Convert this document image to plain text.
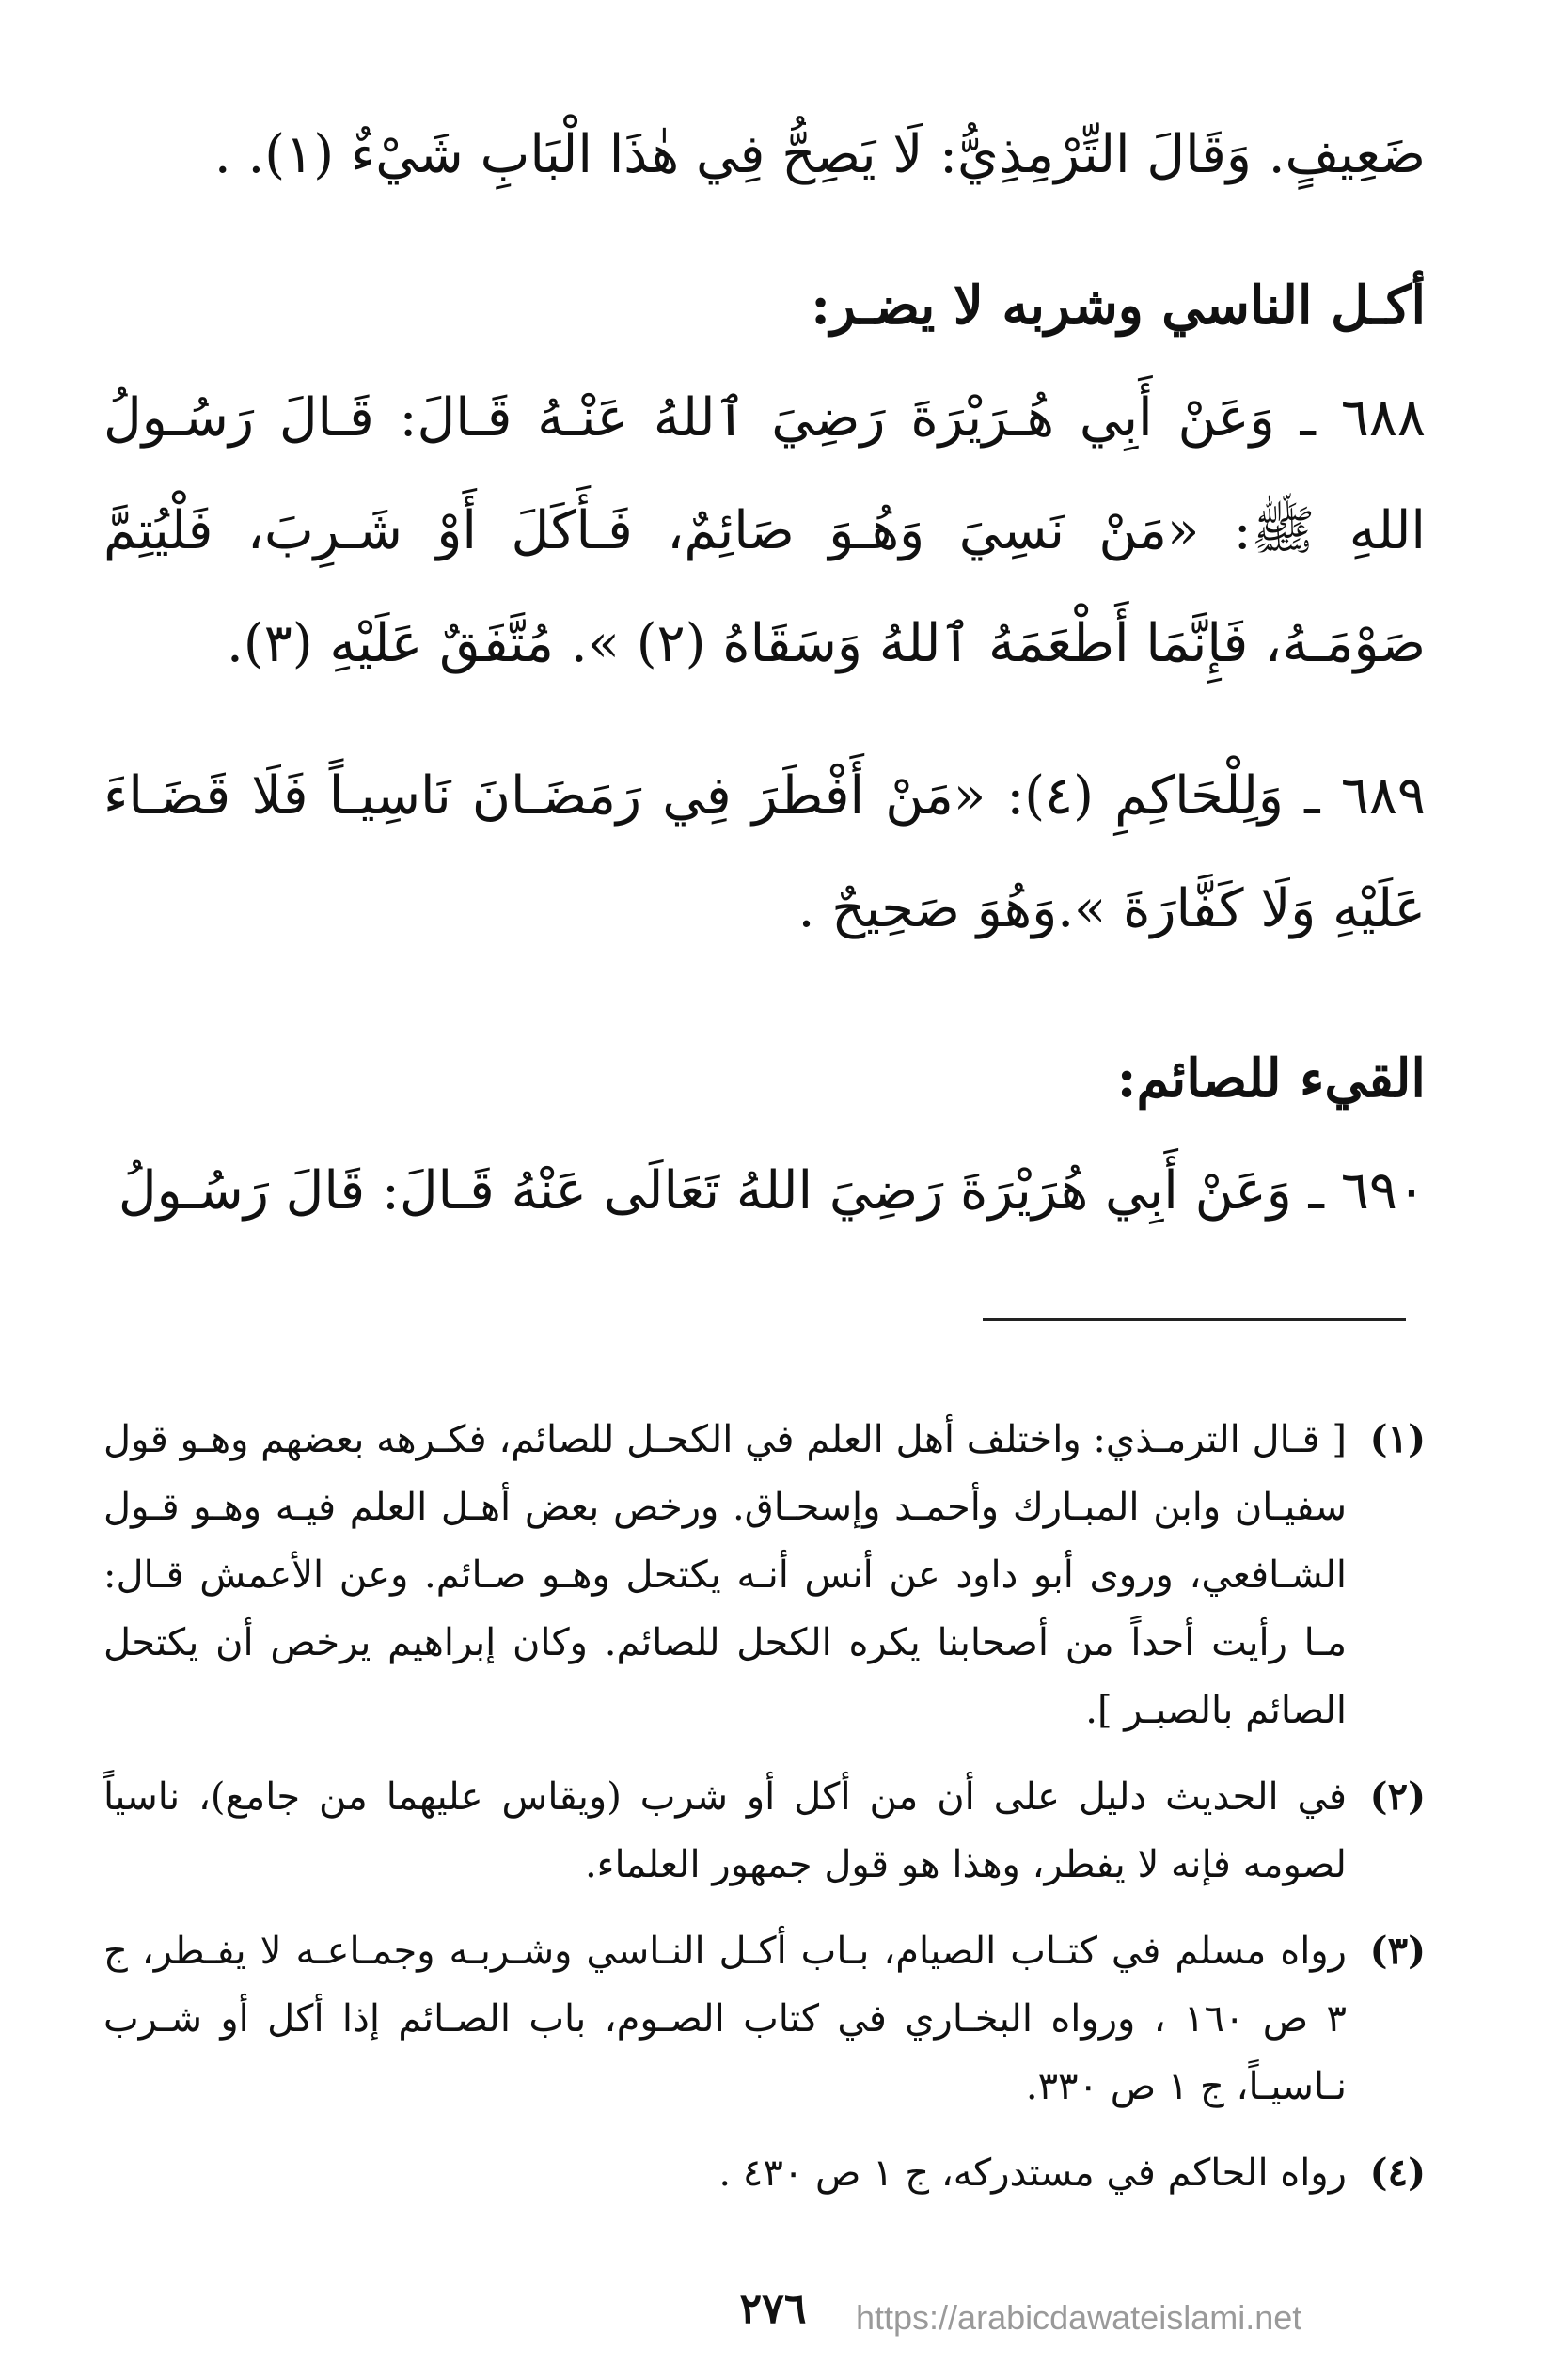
ضَعِيفٍ. وَقَالَ التِّرْمِذِيُّ: لَا يَصِحُّ فِي هٰذَا الْبَابِ شَيْءٌ (١). .

أكـل الناسي وشربه لا يضـر:

٦٨٨ ـ وَعَنْ أَبِي هُـرَيْرَةَ رَضِيَ ٱللهُ عَنْـهُ قَـالَ: قَـالَ رَسُـولُ اللهِ ﷺ: «مَنْ نَسِيَ وَهُـوَ صَائِمٌ، فَـأَكَلَ أَوْ شَـرِبَ، فَلْيُتِمَّ صَوْمَـهُ، فَإِنَّمَا أَطْعَمَهُ ٱللهُ وَسَقَاهُ (٢) ». مُتَّفَقٌ عَلَيْهِ (٣).

٦٨٩ ـ وَلِلْحَاكِمِ (٤): «مَنْ أَفْطَرَ فِي رَمَضَـانَ نَاسِيـاً فَلَا قَضَـاءَ عَلَيْهِ وَلَا كَفَّارَةَ ».وَهُوَ صَحِيحٌ .

القيء للصائم:

٦٩٠ ـ وَعَنْ أَبِي هُرَيْرَةَ رَضِيَ اللهُ تَعَالَى عَنْهُ قَـالَ: قَالَ رَسُـولُ

(١)
[ قـال الترمـذي: واختلف أهل العلم في الكحـل للصائم، فكـرهه بعضهم وهـو قول سفيـان وابن المبـارك وأحمـد وإسحـاق. ورخص بعض أهـل العلم فيـه وهـو قـول الشـافعي، وروى أبو داود عن أنس أنـه يكتحل وهـو صـائم. وعن الأعمش قـال: مـا رأيت أحداً من أصحابنا يكره الكحل للصائم. وكان إبراهيم يرخص أن يكتحل الصائم بالصبـر ].
(٢)
في الحديث دليل على أن من أكل أو شرب (ويقاس عليهما من جامع)، ناسياً لصومه فإنه لا يفطر، وهذا هو قول جمهور العلماء.
(٣)
رواه مسلم في كتـاب الصيام، بـاب أكـل النـاسي وشـربـه وجمـاعـه لا يفـطر، ج ٣ ص ١٦٠ ، ورواه البخـاري في كتاب الصـوم، باب الصـائم إذا أكل أو شـرب نـاسيـاً، ج ١ ص ٣٣٠.
(٤)
رواه الحاكم في مستدركه، ج ١ ص ٤٣٠ .
٢٧٦	https://arabicdawateislami.net
